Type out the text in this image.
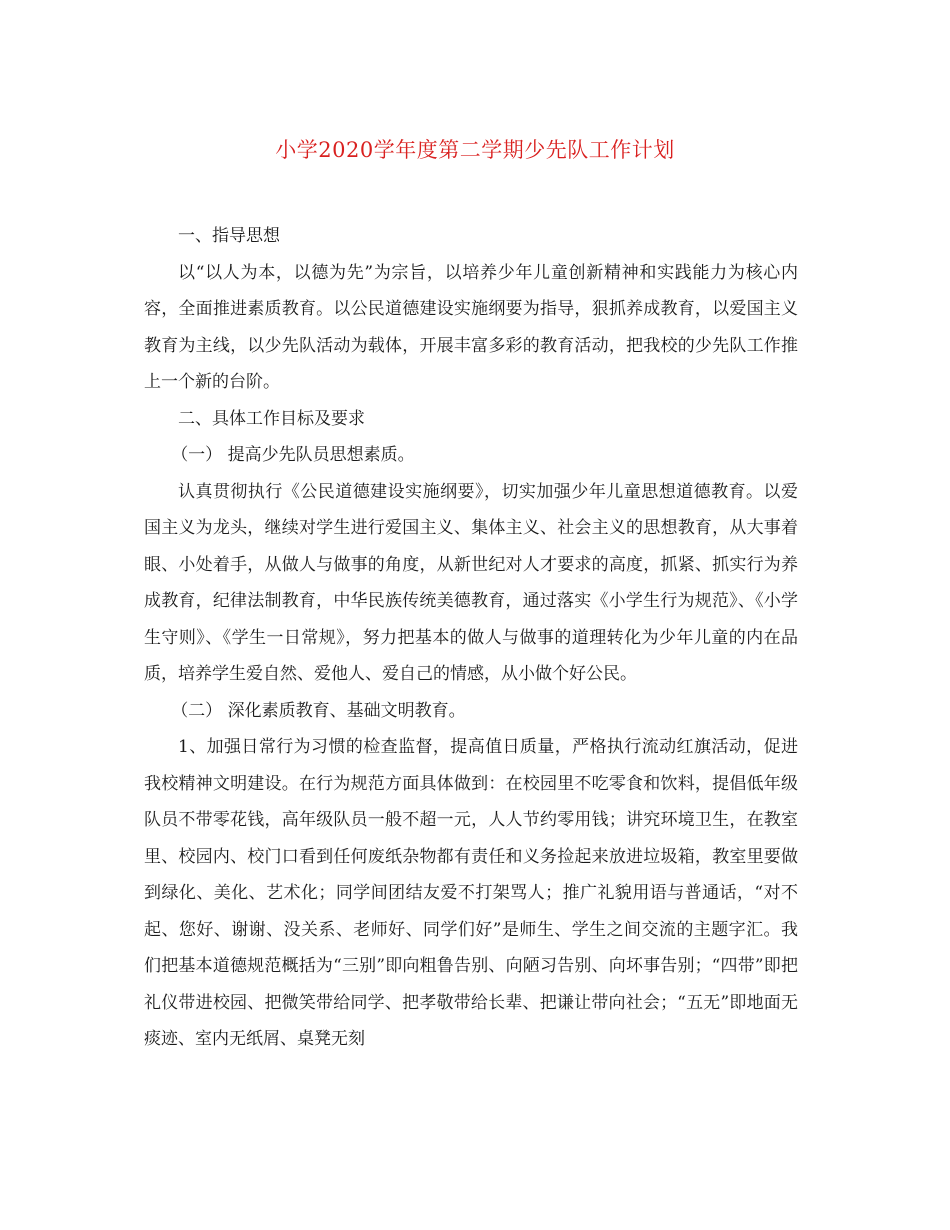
小学2020学年度第二学期少先队工作计划

一、指导思想

以“以人为本，以德为先”为宗旨，以培养少年儿童创新精神和实践能力为核心内容，全面推进素质教育。以公民道德建设实施纲要为指导，狠抓养成教育，以爱国主义教育为主线，以少先队活动为载体，开展丰富多彩的教育活动，把我校的少先队工作推上一个新的台阶。

二、具体工作目标及要求

（一） 提高少先队员思想素质。

认真贯彻执行《公民道德建设实施纲要》，切实加强少年儿童思想道德教育。以爱国主义为龙头，继续对学生进行爱国主义、集体主义、社会主义的思想教育，从大事着眼、小处着手，从做人与做事的角度，从新世纪对人才要求的高度，抓紧、抓实行为养成教育，纪律法制教育，中华民族传统美德教育，通过落实《小学生行为规范》、《小学生守则》、《学生一日常规》，努力把基本的做人与做事的道理转化为少年儿童的内在品质，培养学生爱自然、爱他人、爱自己的情感，从小做个好公民。

（二） 深化素质教育、基础文明教育。

1、加强日常行为习惯的检查监督，提高值日质量，严格执行流动红旗活动，促进我校精神文明建设。在行为规范方面具体做到：在校园里不吃零食和饮料，提倡低年级队员不带零花钱，高年级队员一般不超一元，人人节约零用钱；讲究环境卫生，在教室里、校园内、校门口看到任何废纸杂物都有责任和义务捡起来放进垃圾箱，教室里要做到绿化、美化、艺术化；同学间团结友爱不打架骂人；推广礼貌用语与普通话，“对不起、您好、谢谢、没关系、老师好、同学们好”是师生、学生之间交流的主题字汇。我们把基本道德规范概括为“三别”即向粗鲁告别、向陋习告别、向坏事告别；“四带”即把礼仪带进校园、把微笑带给同学、把孝敬带给长辈、把谦让带向社会；“五无”即地面无痰迹、室内无纸屑、桌凳无刻
